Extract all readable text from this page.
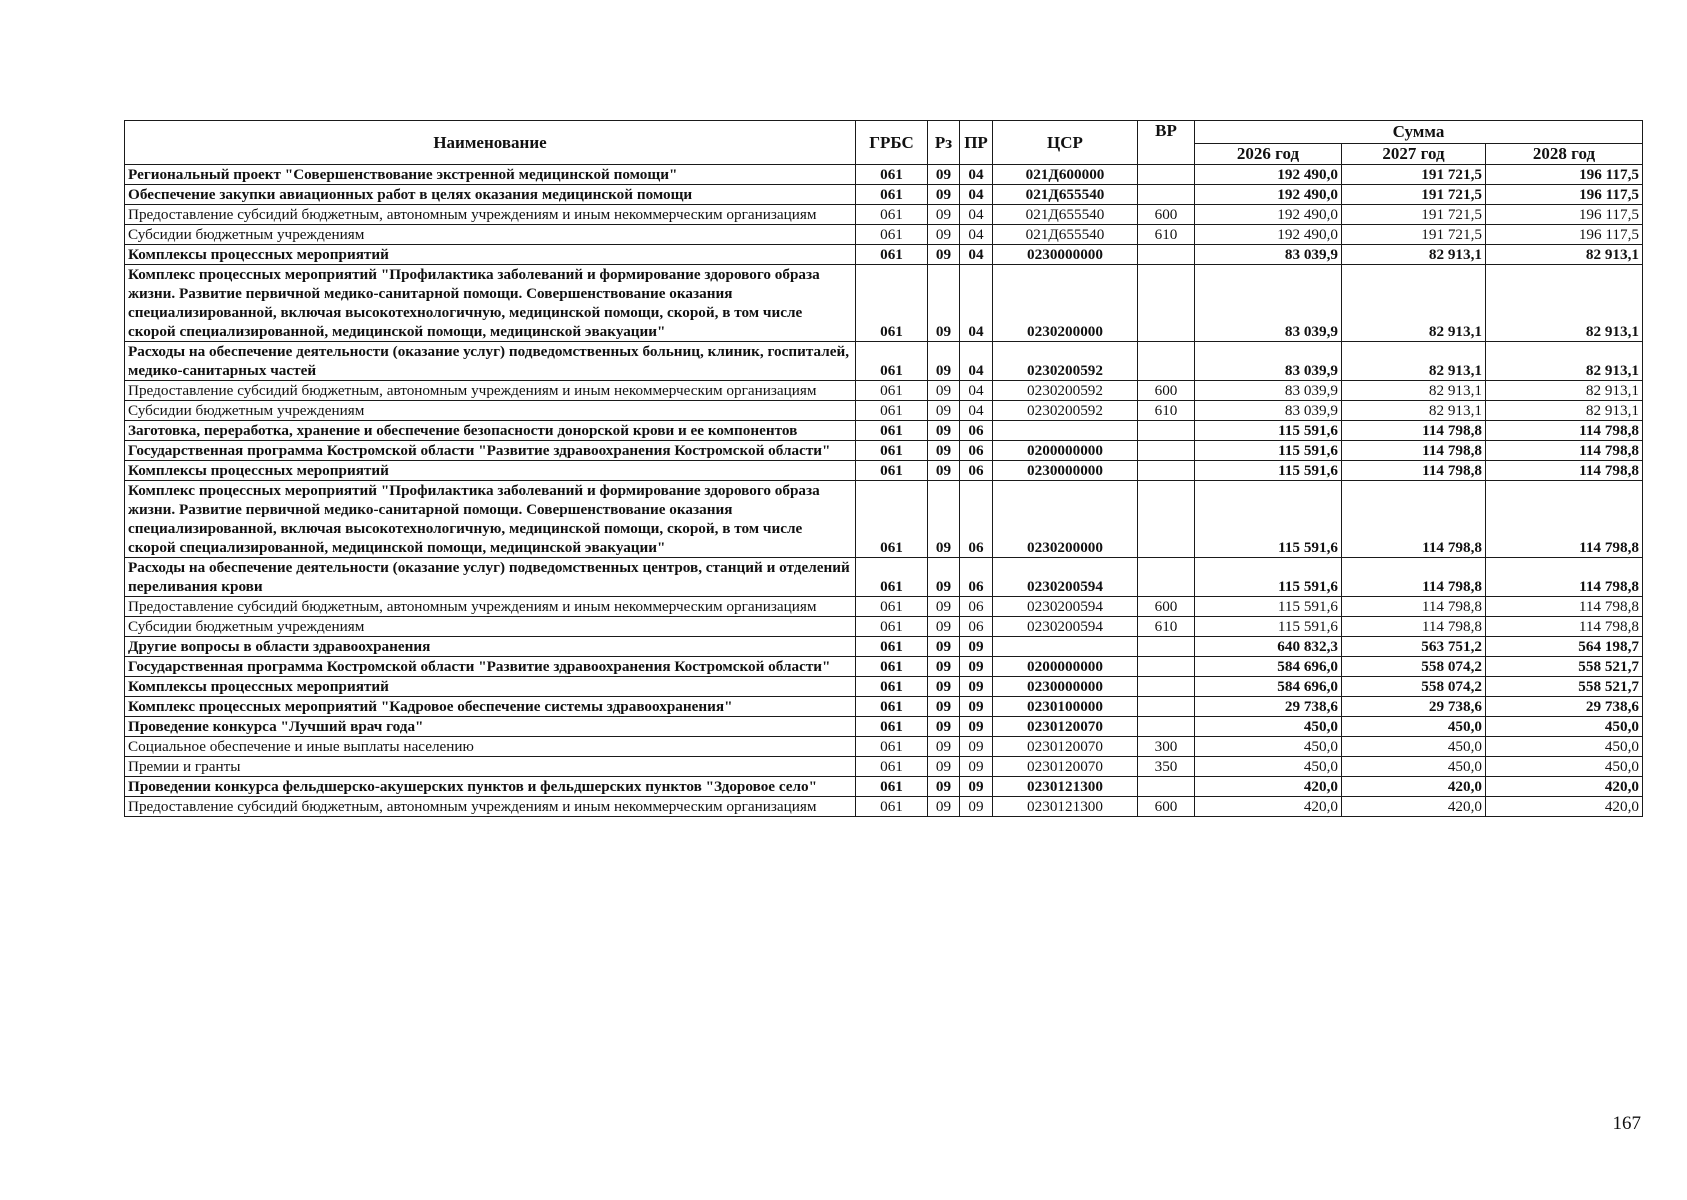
Наименование	ГРБС	Рз	ПР	ЦСР	ВР	Сумма		
						2026 год	2027 год	2028 год
Региональный проект "Совершенствование экстренной медицинской помощи"	061	09	04	021Д600000		192 490,0	191 721,5	196 117,5
Обеспечение закупки авиационных работ в целях оказания медицинской помощи	061	09	04	021Д655540		192 490,0	191 721,5	196 117,5
Предоставление субсидий бюджетным, автономным учреждениям и иным некоммерческим организациям	061	09	04	021Д655540	600	192 490,0	191 721,5	196 117,5
Субсидии бюджетным учреждениям	061	09	04	021Д655540	610	192 490,0	191 721,5	196 117,5
Комплексы процессных мероприятий	061	09	04	0230000000		83 039,9	82 913,1	82 913,1
Комплекс процессных мероприятий "Профилактика заболеваний и формирование здорового образа жизни. Развитие первичной медико-санитарной помощи. Совершенствование оказания специализированной, включая высокотехнологичную, медицинской помощи, скорой, в том числе скорой специализированной, медицинской помощи, медицинской эвакуации"	061	09	04	0230200000		83 039,9	82 913,1	82 913,1
Расходы на обеспечение деятельности (оказание услуг) подведомственных больниц, клиник, госпиталей, медико-санитарных частей	061	09	04	0230200592		83 039,9	82 913,1	82 913,1
Предоставление субсидий бюджетным, автономным учреждениям и иным некоммерческим организациям	061	09	04	0230200592	600	83 039,9	82 913,1	82 913,1
Субсидии бюджетным учреждениям	061	09	04	0230200592	610	83 039,9	82 913,1	82 913,1
Заготовка, переработка, хранение и обеспечение безопасности донорской крови и ее компонентов	061	09	06			115 591,6	114 798,8	114 798,8
Государственная программа Костромской области "Развитие здравоохранения Костромской области"	061	09	06	0200000000		115 591,6	114 798,8	114 798,8
Комплексы процессных мероприятий	061	09	06	0230000000		115 591,6	114 798,8	114 798,8
Комплекс процессных мероприятий "Профилактика заболеваний и формирование здорового образа жизни. Развитие первичной медико-санитарной помощи. Совершенствование оказания специализированной, включая высокотехнологичную, медицинской помощи, скорой, в том числе скорой специализированной, медицинской помощи, медицинской эвакуации"	061	09	06	0230200000		115 591,6	114 798,8	114 798,8
Расходы на обеспечение деятельности (оказание услуг) подведомственных центров, станций и отделений переливания крови	061	09	06	0230200594		115 591,6	114 798,8	114 798,8
Предоставление субсидий бюджетным, автономным учреждениям и иным некоммерческим организациям	061	09	06	0230200594	600	115 591,6	114 798,8	114 798,8
Субсидии бюджетным учреждениям	061	09	06	0230200594	610	115 591,6	114 798,8	114 798,8
Другие вопросы в области здравоохранения	061	09	09			640 832,3	563 751,2	564 198,7
Государственная программа Костромской области "Развитие здравоохранения Костромской области"	061	09	09	0200000000		584 696,0	558 074,2	558 521,7
Комплексы процессных мероприятий	061	09	09	0230000000		584 696,0	558 074,2	558 521,7
Комплекс процессных мероприятий "Кадровое обеспечение системы здравоохранения"	061	09	09	0230100000		29 738,6	29 738,6	29 738,6
Проведение конкурса "Лучший врач года"	061	09	09	0230120070		450,0	450,0	450,0
Социальное обеспечение и иные выплаты населению	061	09	09	0230120070	300	450,0	450,0	450,0
Премии и гранты	061	09	09	0230120070	350	450,0	450,0	450,0
Проведении конкурса фельдшерско-акушерских пунктов и фельдшерских пунктов "Здоровое село"	061	09	09	0230121300		420,0	420,0	420,0
Предоставление субсидий бюджетным, автономным учреждениям и иным некоммерческим организациям	061	09	09	0230121300	600	420,0	420,0	420,0
167
